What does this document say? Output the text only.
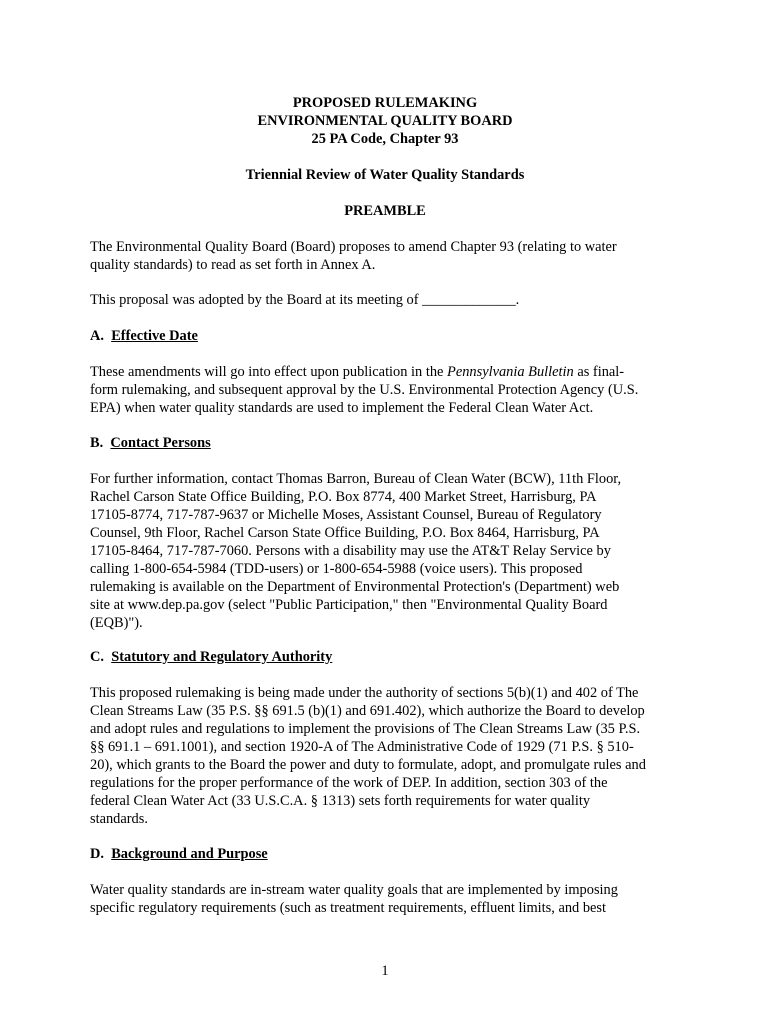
PROPOSED RULEMAKING
ENVIRONMENTAL QUALITY BOARD
25 PA Code, Chapter 93
Triennial Review of Water Quality Standards
PREAMBLE
The Environmental Quality Board (Board) proposes to amend Chapter 93 (relating to water
quality standards) to read as set forth in Annex A.
This proposal was adopted by the Board at its meeting of _____________.
A. Effective Date
These amendments will go into effect upon publication in the Pennsylvania Bulletin as final-
form rulemaking, and subsequent approval by the U.S. Environmental Protection Agency (U.S.
EPA) when water quality standards are used to implement the Federal Clean Water Act.
B. Contact Persons
For further information, contact Thomas Barron, Bureau of Clean Water (BCW), 11th Floor,
Rachel Carson State Office Building, P.O. Box 8774, 400 Market Street, Harrisburg, PA
17105-8774, 717-787-9637 or Michelle Moses, Assistant Counsel, Bureau of Regulatory
Counsel, 9th Floor, Rachel Carson State Office Building, P.O. Box 8464, Harrisburg, PA
17105-8464, 717-787-7060. Persons with a disability may use the AT&T Relay Service by
calling 1-800-654-5984 (TDD-users) or 1-800-654-5988 (voice users). This proposed
rulemaking is available on the Department of Environmental Protection's (Department) web
site at www.dep.pa.gov (select "Public Participation," then "Environmental Quality Board
(EQB)").
C. Statutory and Regulatory Authority
This proposed rulemaking is being made under the authority of sections 5(b)(1) and 402 of The
Clean Streams Law (35 P.S. §§ 691.5 (b)(1) and 691.402), which authorize the Board to develop
and adopt rules and regulations to implement the provisions of The Clean Streams Law (35 P.S.
§§ 691.1 – 691.1001), and section 1920-A of The Administrative Code of 1929 (71 P.S. § 510-
20), which grants to the Board the power and duty to formulate, adopt, and promulgate rules and
regulations for the proper performance of the work of DEP. In addition, section 303 of the
federal Clean Water Act (33 U.S.C.A. § 1313) sets forth requirements for water quality
standards.
D. Background and Purpose
Water quality standards are in-stream water quality goals that are implemented by imposing
specific regulatory requirements (such as treatment requirements, effluent limits, and best
1
